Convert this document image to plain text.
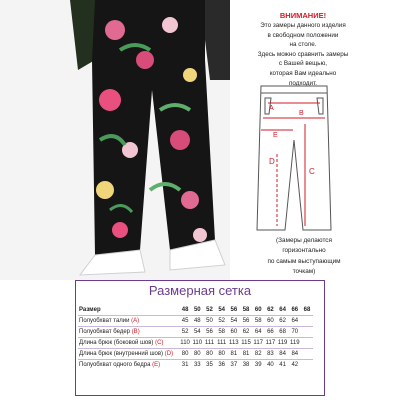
ВНИМАНИЕ!
Это замеры данного изделия
в свободном положении
на столе.
Здесь можно сравнить замеры
с Вашей вещью,
которая Вам идеально
подходит.
A
B
C
D
E
(Замеры делаются
горизонтально
по самым выступающим
точкам)
Размерная сетка
Размер	48	50	52	54	56	58	60	62	64	66	68
Полуобхват талии (A)	45	48	50	52	54	56	58	60	62	64	
Полуобхват бедер (B)	52	54	56	58	60	62	64	66	68	70	
Длина брюк (боковой шов) (C)	110	110	111	111	113	115	117	117	119	119	
Длина брюк (внутренний шов) (D)	80	80	80	80	81	81	82	83	84	84	
Полуобхват одного бедра (E)	31	33	35	36	37	38	39	40	41	42	
